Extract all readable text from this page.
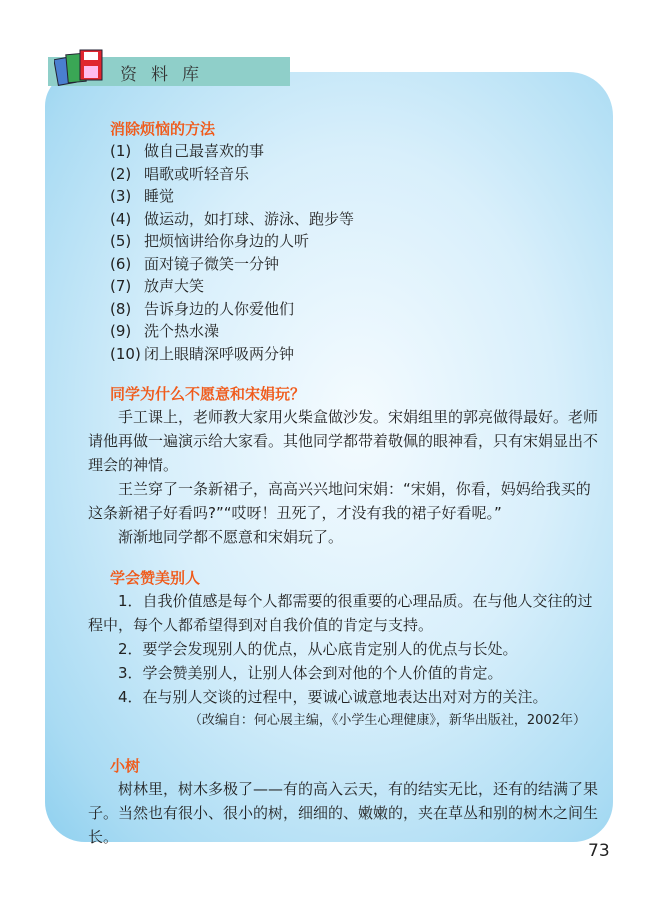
资料库
消除烦恼的方法
(1) 做自己最喜欢的事
(2) 唱歌或听轻音乐
(3) 睡觉
(4) 做运动，如打球、游泳、跑步等
(5) 把烦恼讲给你身边的人听
(6) 面对镜子微笑一分钟
(7) 放声大笑
(8) 告诉身边的人你爱他们
(9) 洗个热水澡
(10) 闭上眼睛深呼吸两分钟
同学为什么不愿意和宋娟玩？

手工课上，老师教大家用火柴盒做沙发。宋娟组里的郭亮做得最好。老师请他再做一遍演示给大家看。其他同学都带着敬佩的眼神看，只有宋娟显出不理会的神情。

王兰穿了一条新裙子，高高兴兴地问宋娟：“宋娟，你看，妈妈给我买的这条新裙子好看吗?”“哎呀！丑死了，才没有我的裙子好看呢。”

渐渐地同学都不愿意和宋娟玩了。

学会赞美别人

1．自我价值感是每个人都需要的很重要的心理品质。在与他人交往的过程中，每个人都希望得到对自我价值的肯定与支持。

2．要学会发现别人的优点，从心底肯定别人的优点与长处。

3．学会赞美别人，让别人体会到对他的个人价值的肯定。

4．在与别人交谈的过程中，要诚心诚意地表达出对对方的关注。

（改编自：何心展主编，《小学生心理健康》，新华出版社，2002年）
小树

树林里，树木多极了——有的高入云天，有的结实无比，还有的结满了果子。当然也有很小、很小的树，细细的、嫩嫩的，夹在草丛和别的树木之间生长。

73
